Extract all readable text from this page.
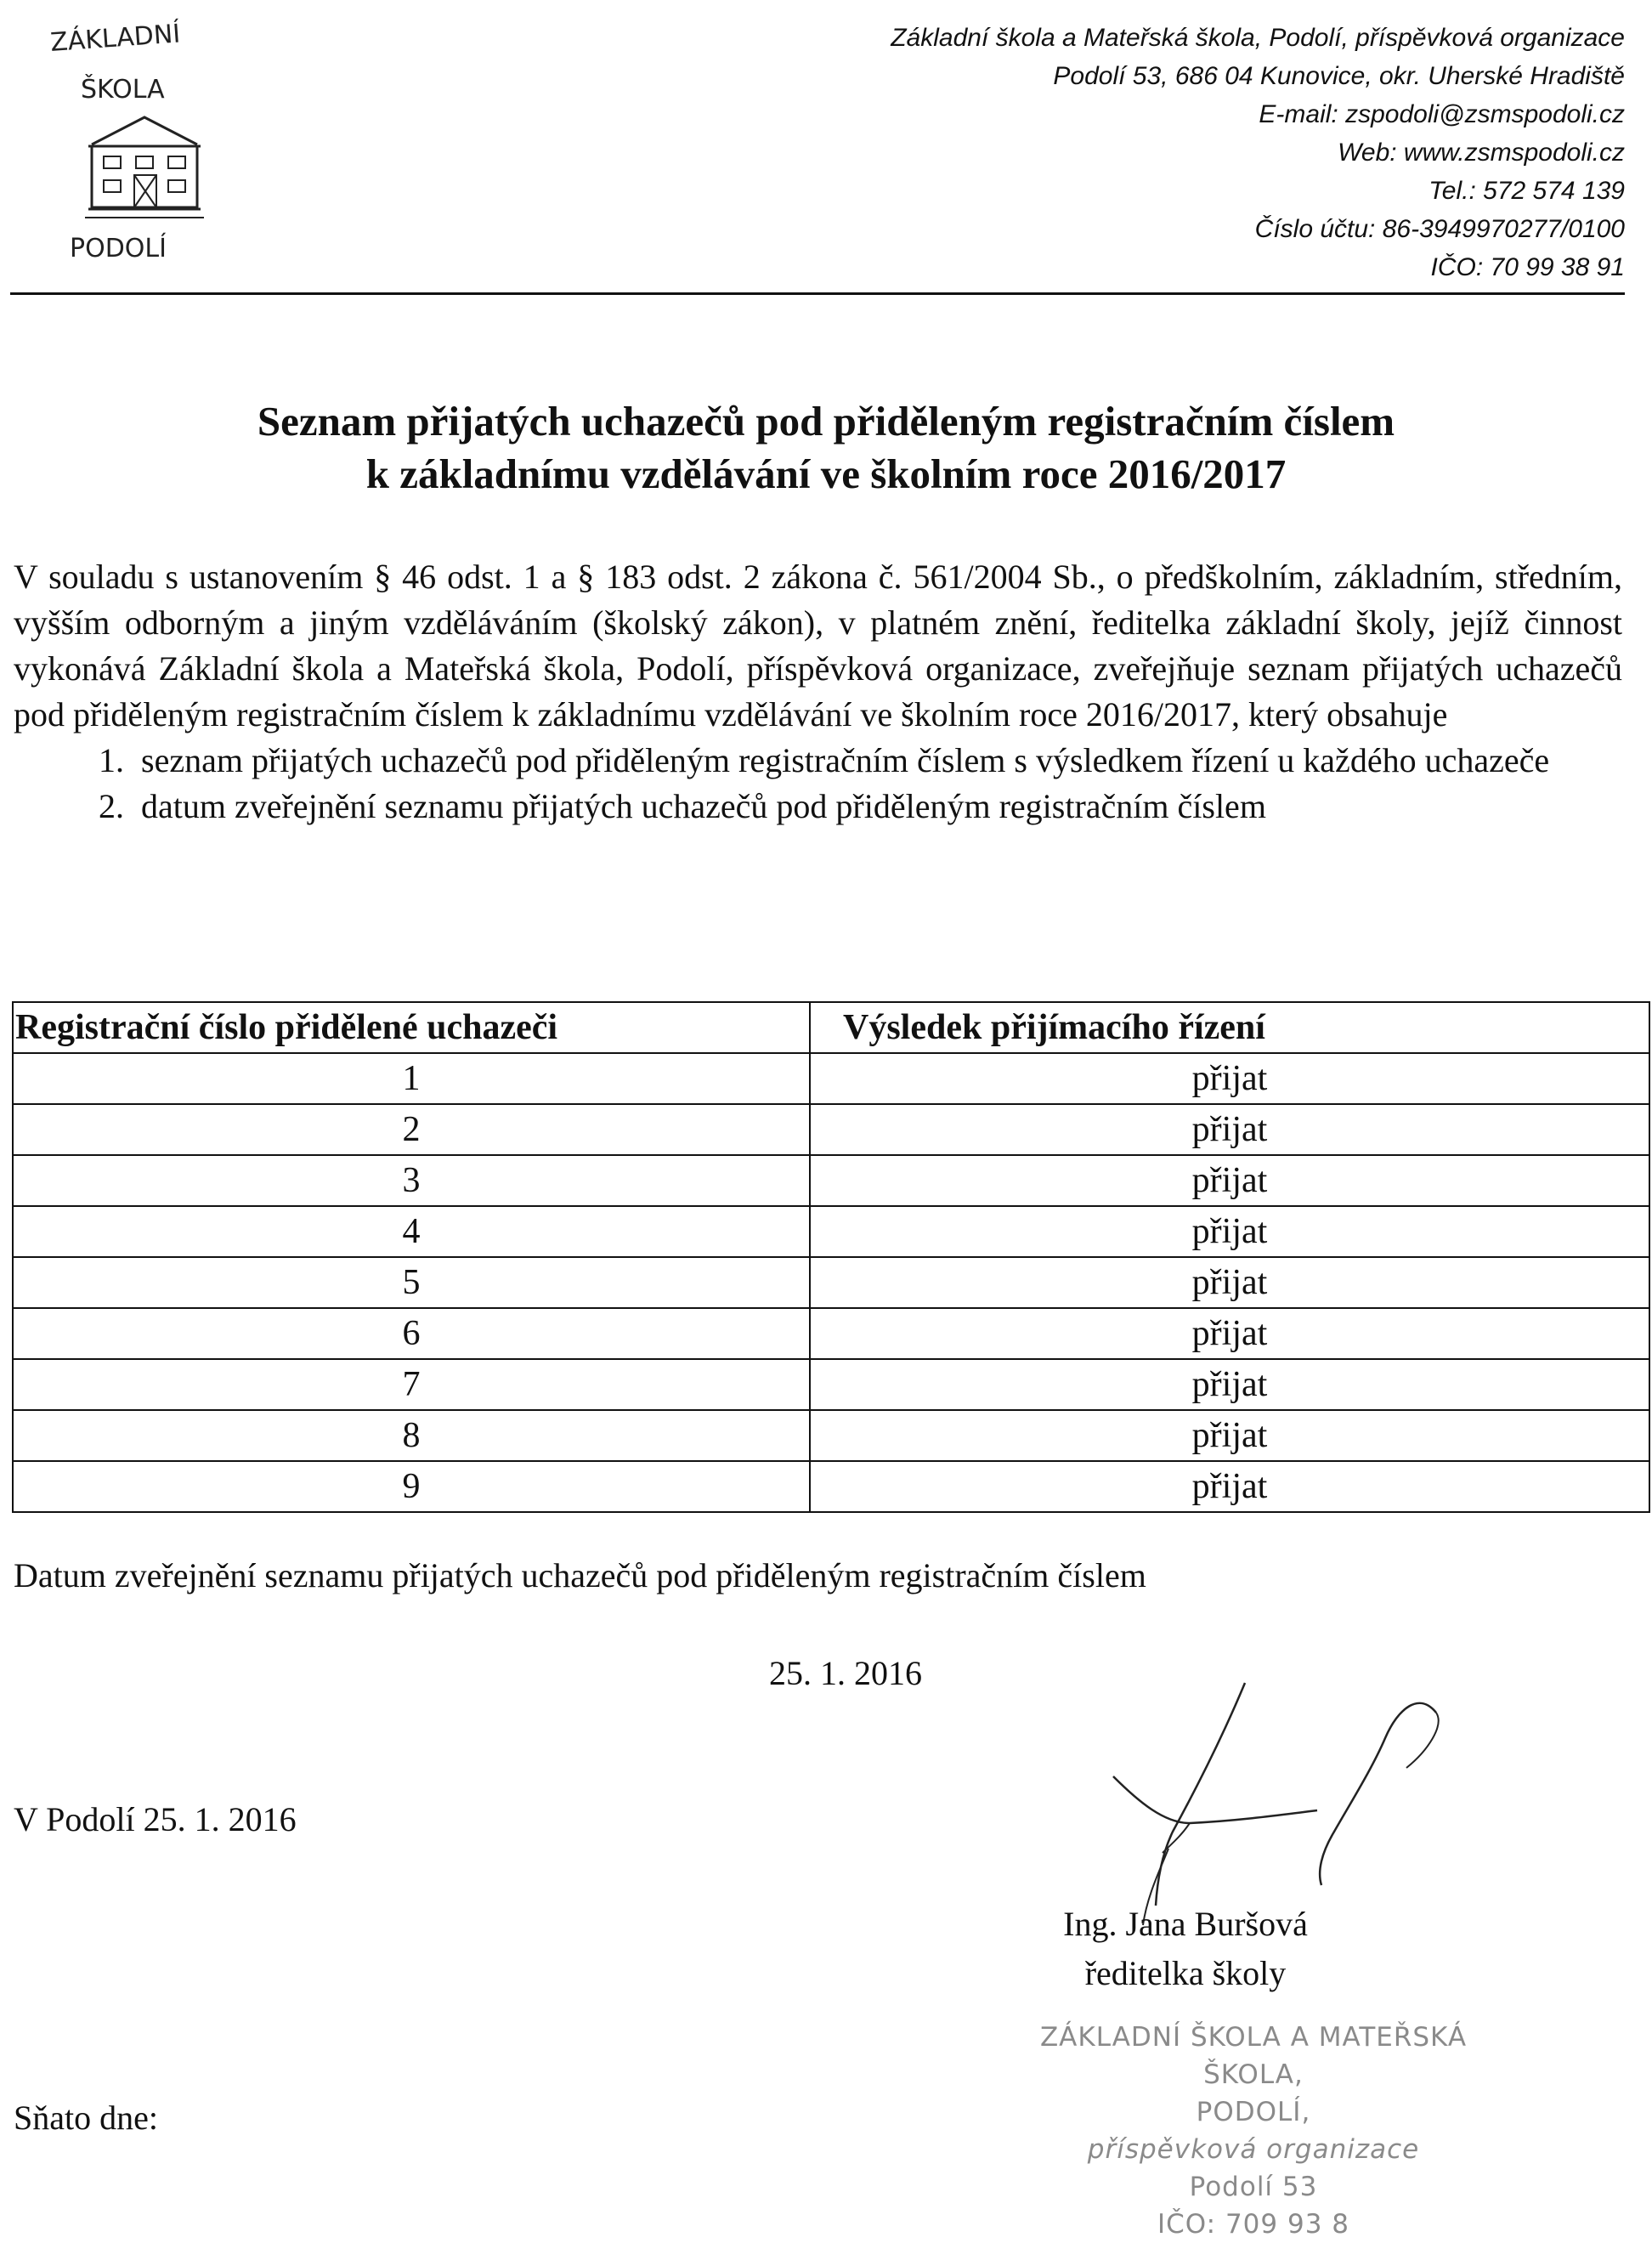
ZÁKLADNÍ
ŠKOLA
PODOLÍ
Základní škola a Mateřská škola, Podolí, příspěvková organizace
Podolí 53, 686 04 Kunovice, okr. Uherské Hradiště
E-mail: zspodoli@zsmspodoli.cz
Web: www.zsmspodoli.cz
Tel.: 572 574 139
Číslo účtu: 86-3949970277/0100
IČO: 70 99 38 91
Seznam přijatých uchazečů pod přiděleným registračním číslem
k základnímu vzdělávání ve školním roce 2016/2017

V souladu s ustanovením § 46 odst. 1 a § 183 odst. 2 zákona č. 561/2004 Sb., o předškolním, základním, středním, vyšším odborným a jiným vzděláváním (školský zákon), v platném znění, ředitelka základní školy, jejíž činnost vykonává Základní škola a Mateřská škola, Podolí, příspěvková organizace, zveřejňuje seznam přijatých uchazečů pod přiděleným registračním číslem k základnímu vzdělávání ve školním roce 2016/2017, který obsahuje

1. seznam přijatých uchazečů pod přiděleným registračním číslem s výsledkem řízení u každého uchazeče
2. datum zveřejnění seznamu přijatých uchazečů pod přiděleným registračním číslem
Registrační číslo přidělené uchazeči	Výsledek přijímacího řízení
1	přijat
2	přijat
3	přijat
4	přijat
5	přijat
6	přijat
7	přijat
8	přijat
9	přijat
Datum zveřejnění seznamu přijatých uchazečů pod přiděleným registračním číslem
25. 1. 2016
V Podolí 25. 1. 2016
Ing. Jana Buršová
ředitelka školy
ZÁKLADNÍ ŠKOLA A MATEŘSKÁ ŠKOLA,
PODOLÍ,
příspěvková organizace
Podolí 53
IČO: 709 93 8
Sňato dne:
